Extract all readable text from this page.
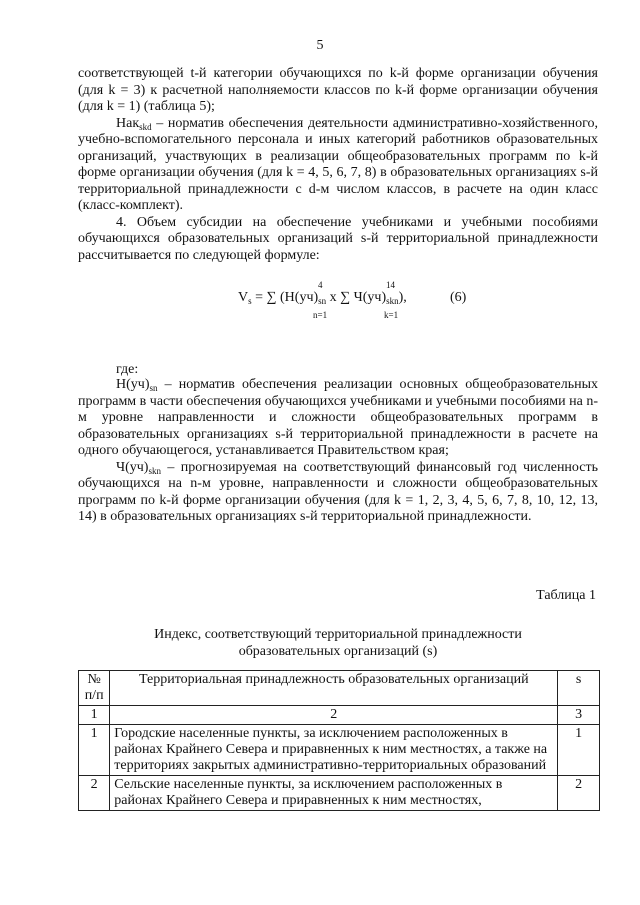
5

соответствующей t-й категории обучающихся по k-й форме организации обучения (для k = 3) к расчетной наполняемости классов по k-й форме организации обучения (для k = 1) (таблица 5);

Нак$_{skd}$ – норматив обеспечения деятельности административно-хозяйственного, учебно-вспомогательного персонала и иных категорий работников образовательных организаций, участвующих в реализации общеобразовательных программ по k-й форме организации обучения (для k = 4, 5, 6, 7, 8) в образовательных организациях s-й территориальной принадлежности с d-м числом классов, в расчете на один класс (класс-комплект).

4. Объем субсидии на обеспечение учебниками и учебными пособиями обучающихся образовательных организаций s-й территориальной принадлежности рассчитывается по следующей формуле:

$V_s$ = ∑ ($Н(уч)_{sn}$ x ∑ $Ч(уч)_{skn}$),
4
n=1
14
k=1
(6)
где:

$Н(уч)_{sn}$ – норматив обеспечения реализации основных общеобразовательных программ в части обеспечения обучающихся учебниками и учебными пособиями на n-м уровне направленности и сложности общеобразовательных программ в образовательных организациях s-й территориальной принадлежности в расчете на одного обучающегося, устанавливается Правительством края;

$Ч(уч)_{skn}$ – прогнозируемая на соответствующий финансовый год численность обучающихся на n-м уровне, направленности и сложности общеобразовательных программ по k-й форме организации обучения (для k = 1, 2, 3, 4, 5, 6, 7, 8, 10, 12, 13, 14) в образовательных организациях s-й территориальной принадлежности.

Таблица 1
Индекс, соответствующий территориальной принадлежности
образовательных организаций (s)
№
п/п	Территориальная принадлежность образовательных организаций	s
1	2	3
1	Городские населенные пункты, за исключением расположенных в районах Крайнего Севера и приравненных к ним местностях, а также на территориях закрытых административно-территориальных образований	1
2	Сельские населенные пункты, за исключением расположенных в районах Крайнего Севера и приравненных к ним местностях,	2
